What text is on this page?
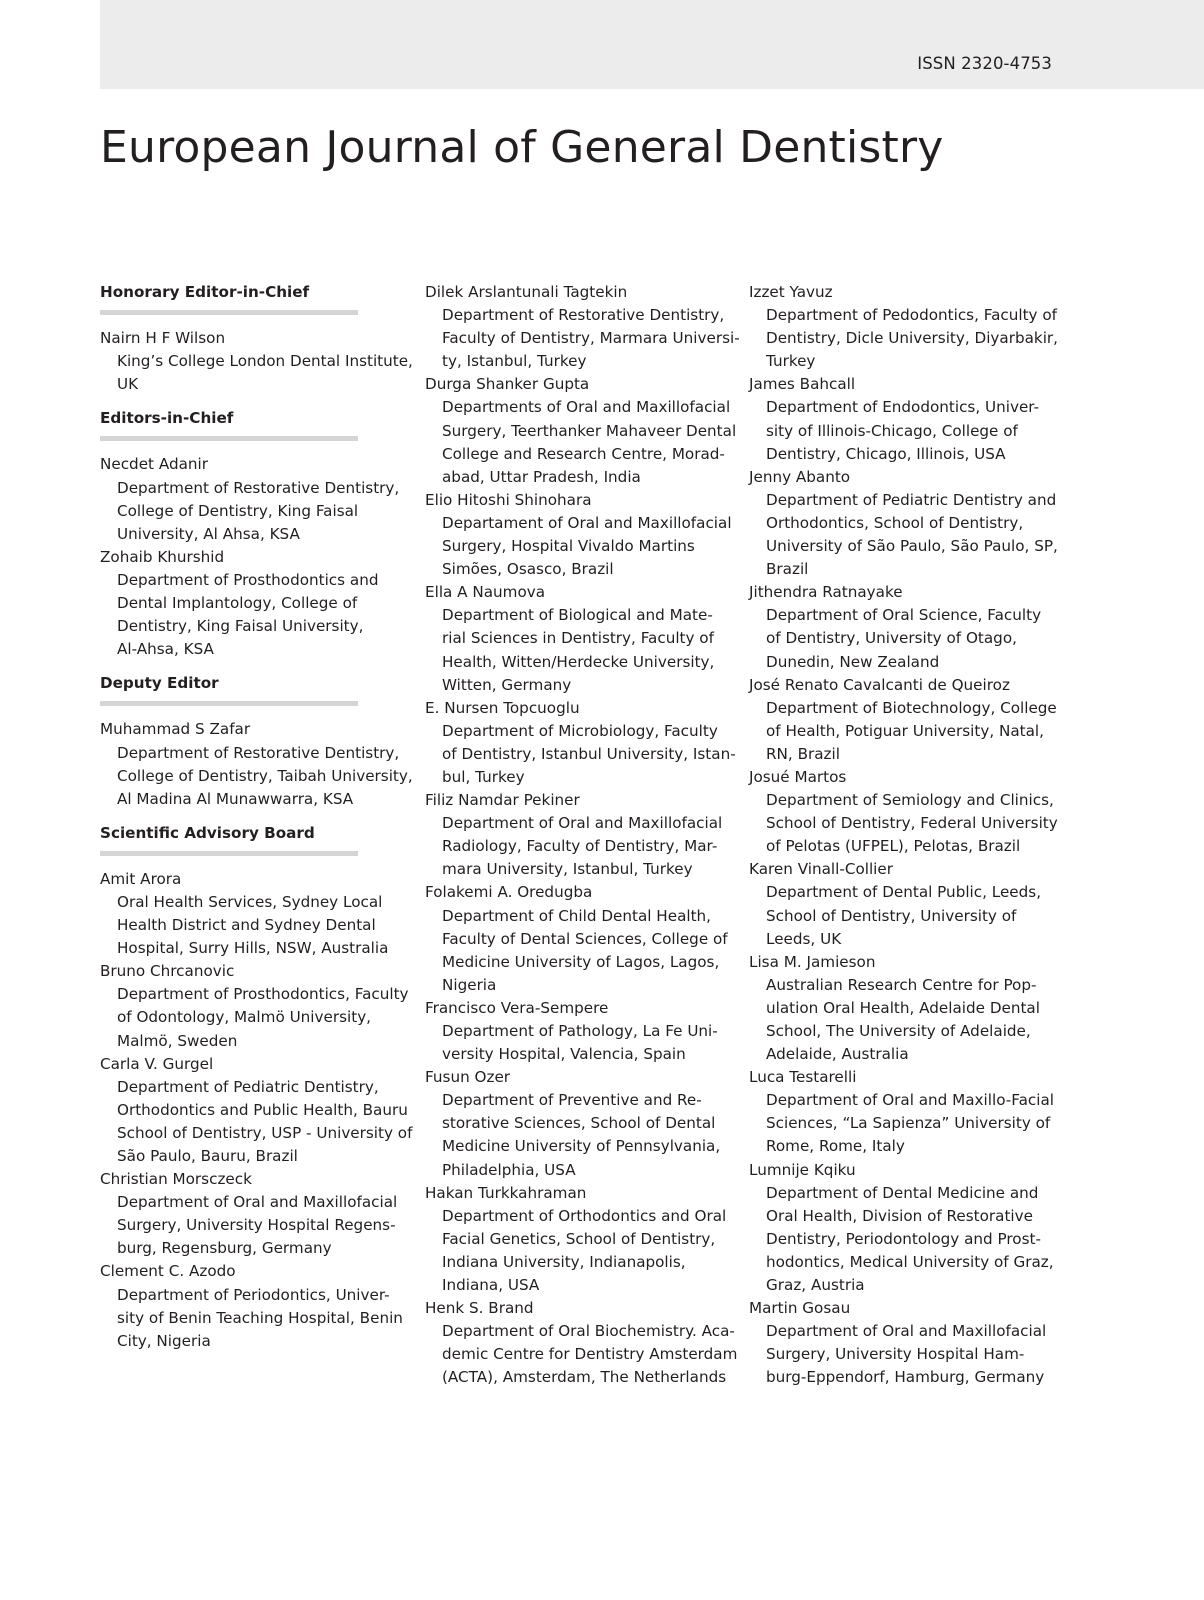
ISSN 2320-4753
European Journal of General Dentistry
Honorary Editor-in-Chief
Nairn H F Wilson
King’s College London Dental Institute,
UK
Editors-in-Chief
Necdet Adanir
Department of Restorative Dentistry,
College of Dentistry, King Faisal
University, Al Ahsa, KSA
Zohaib Khurshid
Department of Prosthodontics and
Dental Implantology, College of
Dentistry, King Faisal University,
Al-Ahsa, KSA
Deputy Editor
Muhammad S Zafar
Department of Restorative Dentistry,
College of Dentistry, Taibah University,
Al Madina Al Munawwarra, KSA
Scientific Advisory Board
Amit Arora
Oral Health Services, Sydney Local
Health District and Sydney Dental
Hospital, Surry Hills, NSW, Australia
Bruno Chrcanovic
Department of Prosthodontics, Faculty
of Odontology, Malmö University,
Malmö, Sweden
Carla V. Gurgel
Department of Pediatric Dentistry,
Orthodontics and Public Health, Bauru
School of Dentistry, USP - University of
São Paulo, Bauru, Brazil
Christian Morsczeck
Department of Oral and Maxillofacial
Surgery, University Hospital Regens-
burg, Regensburg, Germany
Clement C. Azodo
Department of Periodontics, Univer-
sity of Benin Teaching Hospital, Benin
City, Nigeria
Dilek Arslantunali Tagtekin
Department of Restorative Dentistry,
Faculty of Dentistry, Marmara Universi-
ty, Istanbul, Turkey
Durga Shanker Gupta
Departments of Oral and Maxillofacial
Surgery, Teerthanker Mahaveer Dental
College and Research Centre, Morad-
abad, Uttar Pradesh, India
Elio Hitoshi Shinohara
Departament of Oral and Maxillofacial
Surgery, Hospital Vivaldo Martins
Simões, Osasco, Brazil
Ella A Naumova
Department of Biological and Mate-
rial Sciences in Dentistry, Faculty of
Health, Witten/Herdecke University,
Witten, Germany
E. Nursen Topcuoglu
Department of Microbiology, Faculty
of Dentistry, Istanbul University, Istan-
bul, Turkey
Filiz Namdar Pekiner
Department of Oral and Maxillofacial
Radiology, Faculty of Dentistry, Mar-
mara University, Istanbul, Turkey
Folakemi A. Oredugba
Department of Child Dental Health,
Faculty of Dental Sciences, College of
Medicine University of Lagos, Lagos,
Nigeria
Francisco Vera-Sempere
Department of Pathology, La Fe Uni-
versity Hospital, Valencia, Spain
Fusun Ozer
Department of Preventive and Re-
storative Sciences, School of Dental
Medicine University of Pennsylvania,
Philadelphia, USA
Hakan Turkkahraman
Department of Orthodontics and Oral
Facial Genetics, School of Dentistry,
Indiana University, Indianapolis,
Indiana, USA
Henk S. Brand
Department of Oral Biochemistry. Aca-
demic Centre for Dentistry Amsterdam
(ACTA), Amsterdam, The Netherlands
Izzet Yavuz
Department of Pedodontics, Faculty of
Dentistry, Dicle University, Diyarbakir,
Turkey
James Bahcall
Department of Endodontics, Univer-
sity of Illinois-Chicago, College of
Dentistry, Chicago, Illinois, USA
Jenny Abanto
Department of Pediatric Dentistry and
Orthodontics, School of Dentistry,
University of São Paulo, São Paulo, SP,
Brazil
Jithendra Ratnayake
Department of Oral Science, Faculty
of Dentistry, University of Otago,
Dunedin, New Zealand
José Renato Cavalcanti de Queiroz
Department of Biotechnology, College
of Health, Potiguar University, Natal,
RN, Brazil
Josué Martos
Department of Semiology and Clinics,
School of Dentistry, Federal University
of Pelotas (UFPEL), Pelotas, Brazil
Karen Vinall-Collier
Department of Dental Public, Leeds,
School of Dentistry, University of
Leeds, UK
Lisa M. Jamieson
Australian Research Centre for Pop-
ulation Oral Health, Adelaide Dental
School, The University of Adelaide,
Adelaide, Australia
Luca Testarelli
Department of Oral and Maxillo-Facial
Sciences, “La Sapienza” University of
Rome, Rome, Italy
Lumnije Kqiku
Department of Dental Medicine and
Oral Health, Division of Restorative
Dentistry, Periodontology and Prost-
hodontics, Medical University of Graz,
Graz, Austria
Martin Gosau
Department of Oral and Maxillofacial
Surgery, University Hospital Ham-
burg-Eppendorf, Hamburg, Germany
